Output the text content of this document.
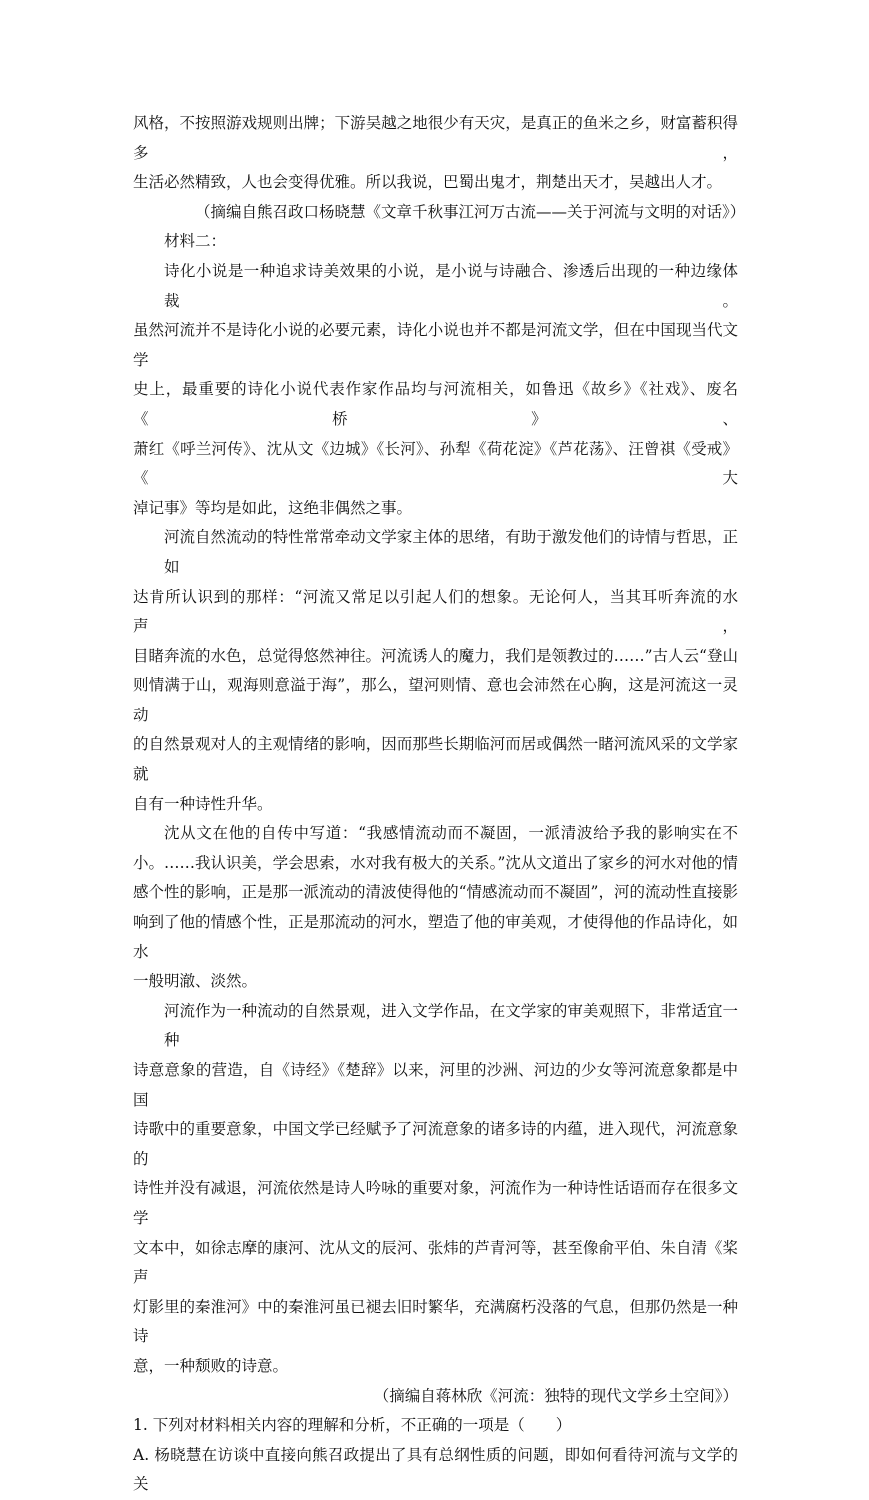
风格，不按照游戏规则出牌；下游吴越之地很少有天灾，是真正的鱼米之乡，财富蓄积得多，
生活必然精致，人也会变得优雅。所以我说，巴蜀出鬼才，荆楚出天才，吴越出人才。
（摘编自熊召政口杨晓慧《文章千秋事江河万古流——关于河流与文明的对话》）
材料二：
诗化小说是一种追求诗美效果的小说，是小说与诗融合、渗透后出现的一种边缘体裁。
虽然河流并不是诗化小说的必要元素，诗化小说也并不都是河流文学，但在中国现当代文学
史上，最重要的诗化小说代表作家作品均与河流相关，如鲁迅《故乡》《社戏》、废名《桥》、
萧红《呼兰河传》、沈从文《边城》《长河》、孙犁《荷花淀》《芦花荡》、汪曾祺《受戒》《大
淖记事》等均是如此，这绝非偶然之事。
河流自然流动的特性常常牵动文学家主体的思绪，有助于激发他们的诗情与哲思，正如
达肯所认识到的那样：“河流又常足以引起人们的想象。无论何人，当其耳听奔流的水声，
目睹奔流的水色，总觉得悠然神往。河流诱人的魔力，我们是领教过的……”古人云“登山
则情满于山，观海则意溢于海”，那么，望河则情、意也会沛然在心胸，这是河流这一灵动
的自然景观对人的主观情绪的影响，因而那些长期临河而居或偶然一睹河流风采的文学家就
自有一种诗性升华。
沈从文在他的自传中写道：“我感情流动而不凝固，一派清波给予我的影响实在不
小。……我认识美，学会思索，水对我有极大的关系。”沈从文道出了家乡的河水对他的情
感个性的影响，正是那一派流动的清波使得他的“情感流动而不凝固”，河的流动性直接影
响到了他的情感个性，正是那流动的河水，塑造了他的审美观，才使得他的作品诗化，如水
一般明澈、淡然。
河流作为一种流动的自然景观，进入文学作品，在文学家的审美观照下，非常适宜一种
诗意意象的营造，自《诗经》《楚辞》以来，河里的沙洲、河边的少女等河流意象都是中国
诗歌中的重要意象，中国文学已经赋予了河流意象的诸多诗的内蕴，进入现代，河流意象的
诗性并没有减退，河流依然是诗人吟咏的重要对象，河流作为一种诗性话语而存在很多文学
文本中，如徐志摩的康河、沈从文的辰河、张炜的芦青河等，甚至像俞平伯、朱自清《桨声
灯影里的秦淮河》中的秦淮河虽已褪去旧时繁华，充满腐朽没落的气息，但那仍然是一种诗
意，一种颓败的诗意。
（摘编自蒋林欣《河流：独特的现代文学乡土空间》）
1. 下列对材料相关内容的理解和分析，不正确的一项是（　　）
A. 杨晓慧在访谈中直接向熊召政提出了具有总纲性质的问题，即如何看待河流与文学的关
